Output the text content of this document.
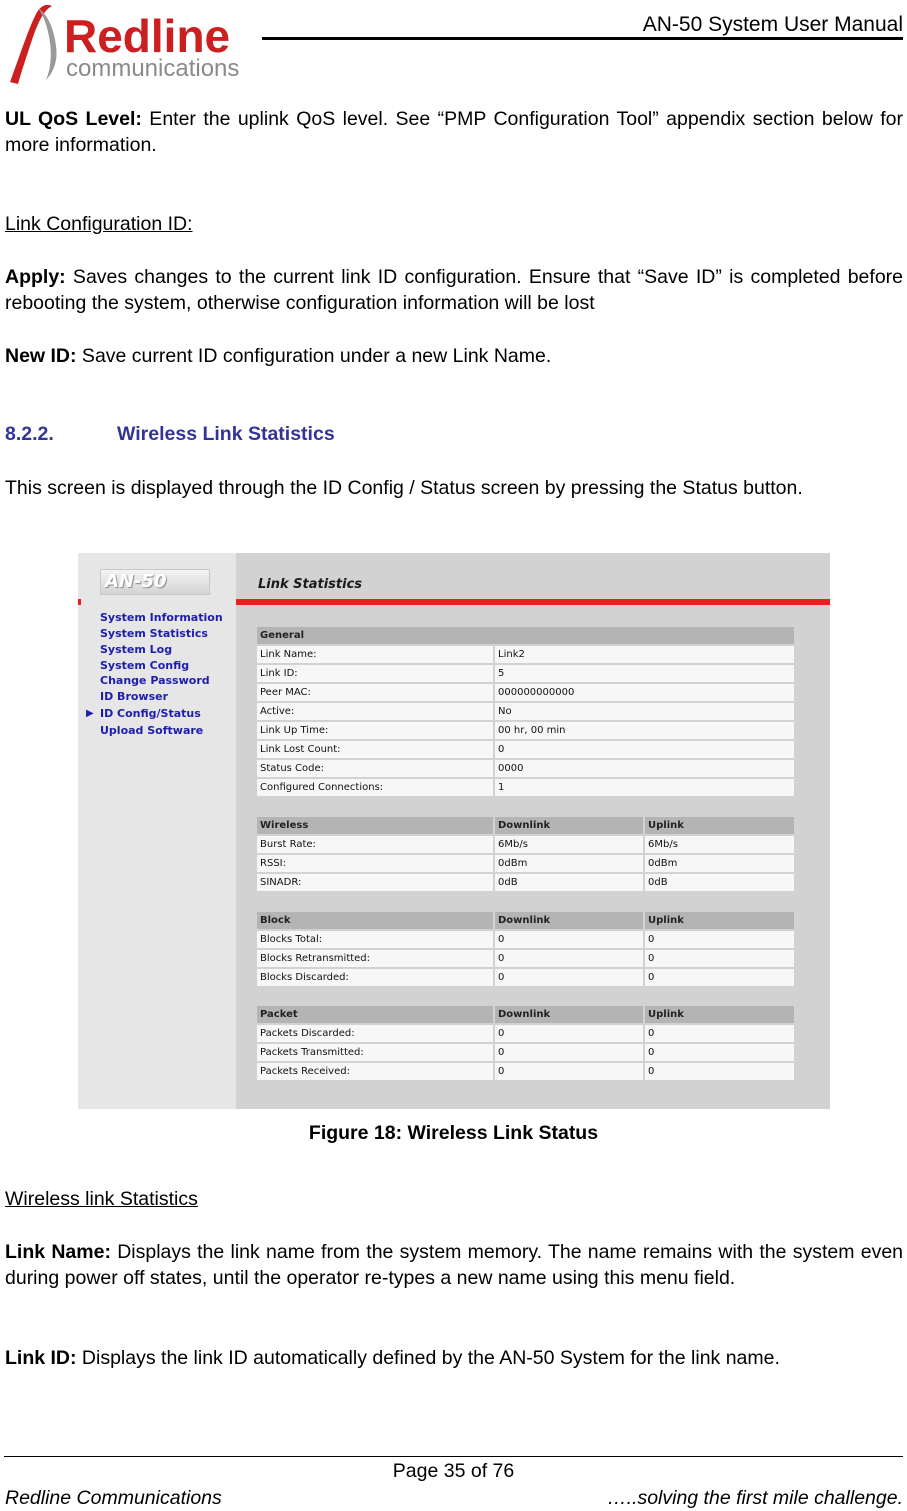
Redline
communications
AN-50 System User Manual
UL QoS Level: Enter the uplink QoS level. See “PMP Configuration Tool” appendix section below for more information.
Link Configuration ID:
Apply: Saves changes to the current link ID configuration. Ensure that “Save ID” is completed before rebooting the system, otherwise configuration information will be lost
New ID: Save current ID configuration under a new Link Name.
8.2.2.	Wireless Link Statistics
This screen is displayed through the ID Config / Status screen by pressing the Status button.
AN-50
System Information
System Statistics
System Log
System Config
Change Password
ID Browser
▶ ID Config/Status
Upload Software
Link Statistics
General
Link Name:	Link2
Link ID:	5
Peer MAC:	000000000000
Active:	No
Link Up Time:	00 hr, 00 min
Link Lost Count:	0
Status Code:	0000
Configured Connections:	1
Wireless	Downlink	Uplink
Burst Rate:	6Mb/s	6Mb/s
RSSI:	0dBm	0dBm
SINADR:	0dB	0dB
Block	Downlink	Uplink
Blocks Total:	0	0
Blocks Retransmitted:	0	0
Blocks Discarded:	0	0
Packet	Downlink	Uplink
Packets Discarded:	0	0
Packets Transmitted:	0	0
Packets Received:	0	0
Figure 18: Wireless Link Status
Wireless link Statistics
Link Name: Displays the link name from the system memory. The name remains with the system even during power off states, until the operator re-types a new name using this menu field.
Link ID: Displays the link ID automatically defined by the AN-50 System for the link name.
Page 35 of 76
Redline Communications	…..solving the first mile challenge.
